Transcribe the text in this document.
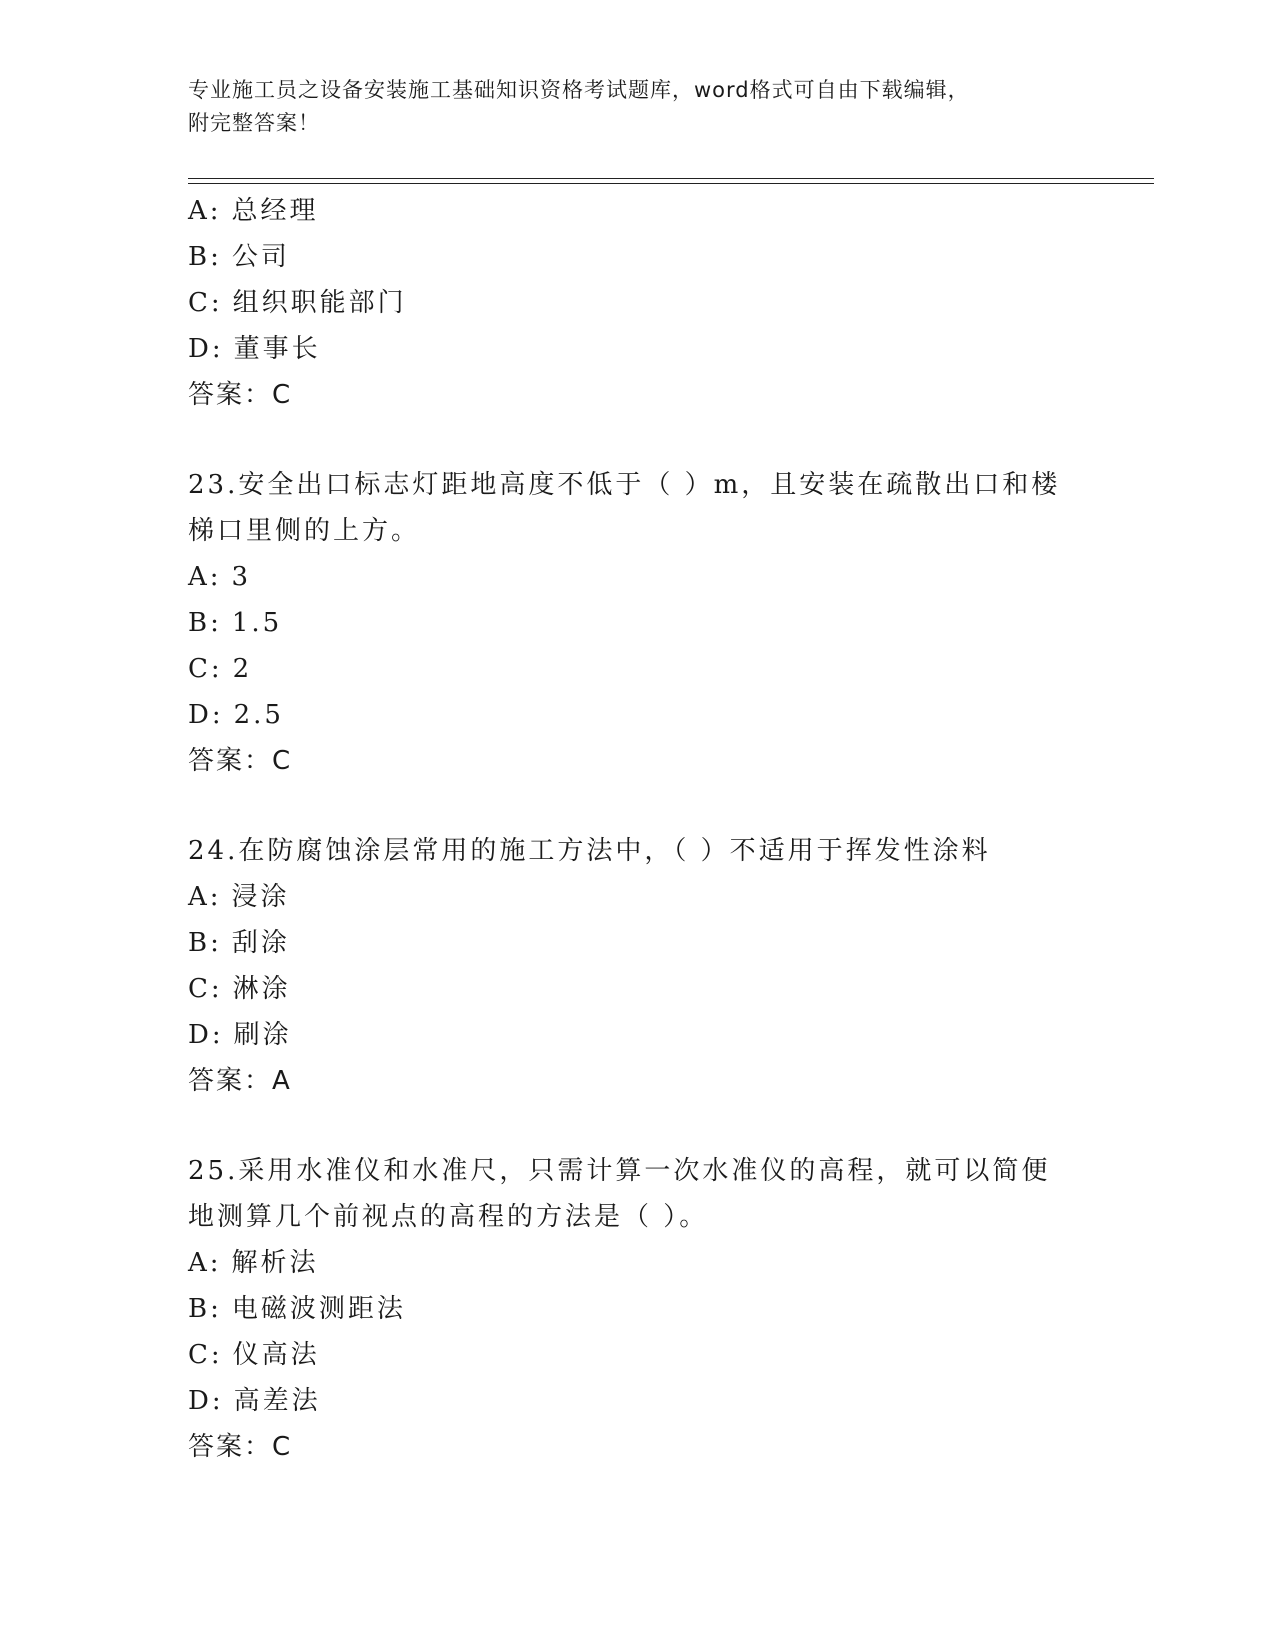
专业施工员之设备安装施工基础知识资格考试题库，word格式可自由下载编辑，
附完整答案！
A: 总经理
B: 公司
C: 组织职能部门
D: 董事长
答案：C
23.安全出口标志灯距地高度不低于（ ）m，且安装在疏散出口和楼梯口里侧的上方。
A: 3
B: 1.5
C: 2
D: 2.5
答案：C
24.在防腐蚀涂层常用的施工方法中，（ ）不适用于挥发性涂料
A: 浸涂
B: 刮涂
C: 淋涂
D: 刷涂
答案：A
25.采用水准仪和水准尺，只需计算一次水准仪的高程，就可以简便地测算几个前视点的高程的方法是（ ）。
A: 解析法
B: 电磁波测距法
C: 仪高法
D: 高差法
答案：C
